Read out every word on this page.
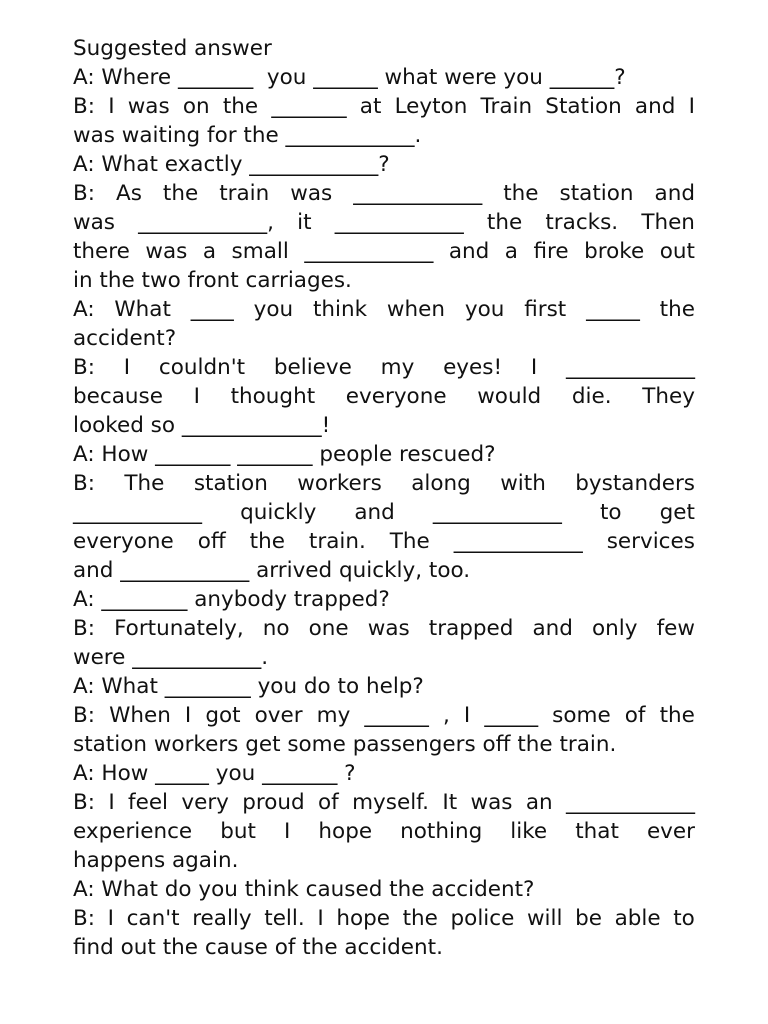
Suggested answer
A: Where _______  you ______ what were you ______?
B: I was on the _______ at Leyton Train Station and I
was waiting for the ____________.
A: What exactly ____________?
B: As the train was ____________ the station and
was ____________, it ____________ the tracks. Then
there was a small ____________ and a fire broke out
in the two front carriages.
A: What ____ you think when you first _____ the
accident?
B: I couldn't believe my eyes! I ____________
because I thought everyone would die. They
looked so _____________!
A: How _______ _______ people rescued?
B: The station workers along with bystanders
____________ quickly and ____________ to get
everyone off the train. The ____________ services
and ____________ arrived quickly, too.
A: ________ anybody trapped?
B: Fortunately, no one was trapped and only few
were ____________.
A: What ________ you do to help?
B: When I got over my ______ , I _____ some of the
station workers get some passengers off the train.
A: How _____ you _______ ?
B: I feel very proud of myself. It was an ____________
experience but I hope nothing like that ever
happens again.
A: What do you think caused the accident?
B: I can't really tell. I hope the police will be able to
find out the cause of the accident.
